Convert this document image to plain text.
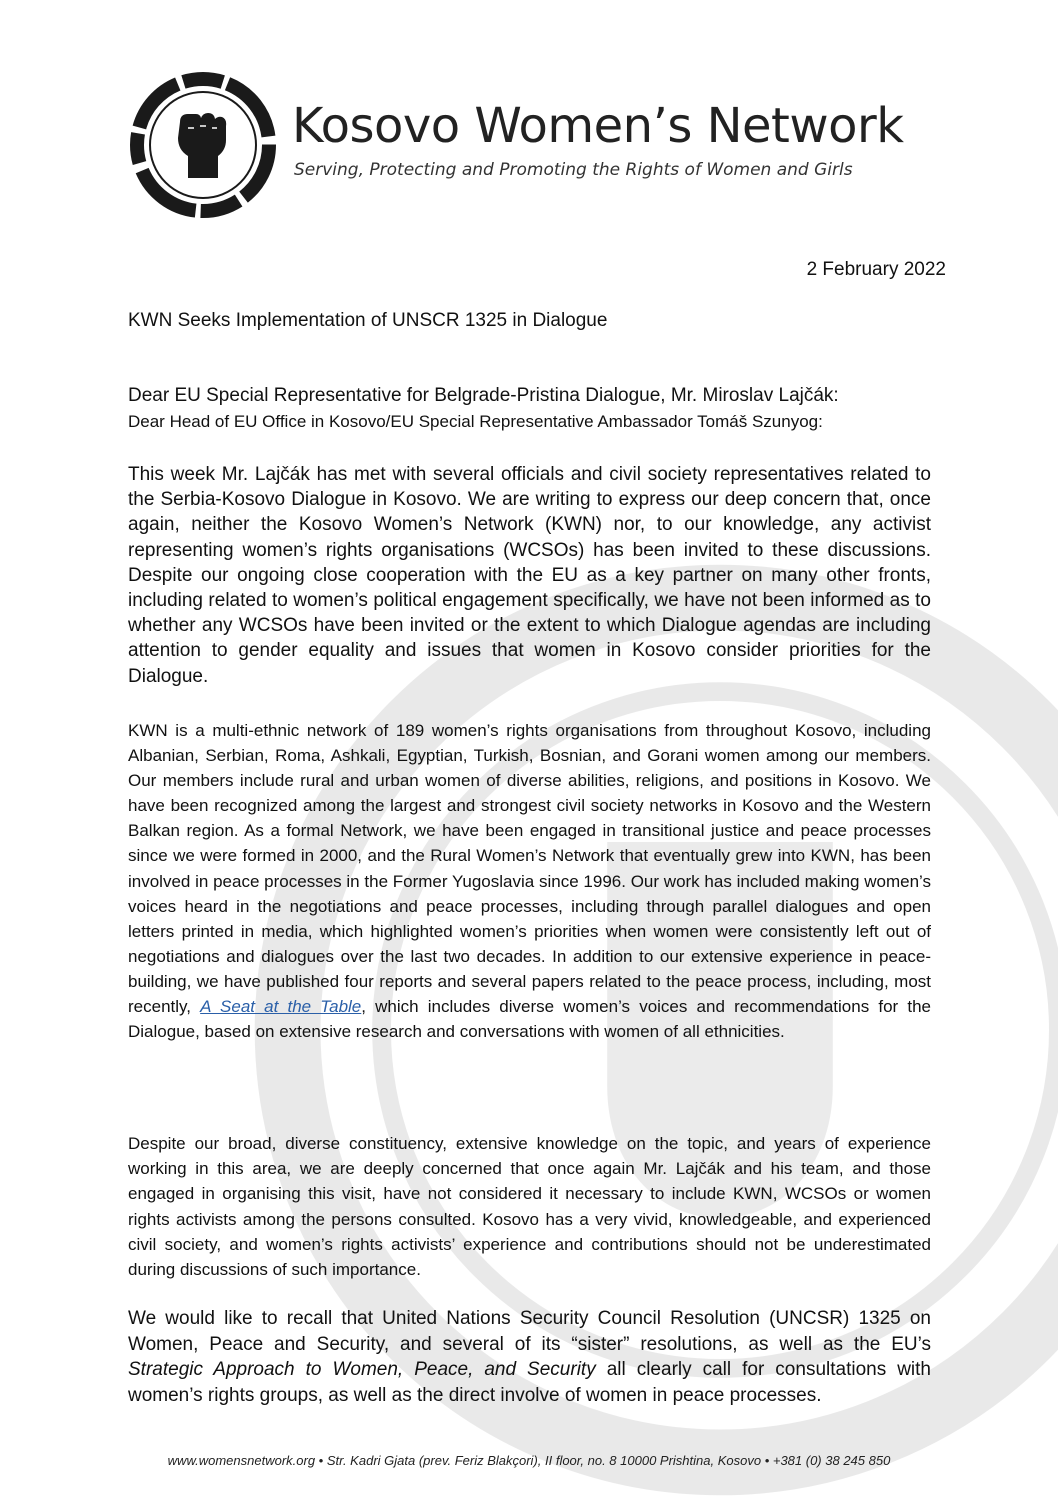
Kosovo Women’s Network

Serving, Protecting and Promoting the Rights of Women and Girls

2 February 2022
KWN Seeks Implementation of UNSCR 1325 in Dialogue
Dear EU Special Representative for Belgrade-Pristina Dialogue, Mr. Miroslav Lajčák:
Dear Head of EU Office in Kosovo/EU Special Representative Ambassador Tomáš Szunyog:

This week Mr. Lajčák has met with several officials and civil society representatives related to the Serbia-Kosovo Dialogue in Kosovo. We are writing to express our deep concern that, once again, neither the Kosovo Women’s Network (KWN) nor, to our knowledge, any activist representing women’s rights organisations (WCSOs) has been invited to these discussions. Despite our ongoing close cooperation with the EU as a key partner on many other fronts, including related to women’s political engagement specifically, we have not been informed as to whether any WCSOs have been invited or the extent to which Dialogue agendas are including attention to gender equality and issues that women in Kosovo consider priorities for the Dialogue.

KWN is a multi-ethnic network of 189 women’s rights organisations from throughout Kosovo, including Albanian, Serbian, Roma, Ashkali, Egyptian, Turkish, Bosnian, and Gorani women among our members. Our members include rural and urban women of diverse abilities, religions, and positions in Kosovo. We have been recognized among the largest and strongest civil society networks in Kosovo and the Western Balkan region. As a formal Network, we have been engaged in transitional justice and peace processes since we were formed in 2000, and the Rural Women’s Network that eventually grew into KWN, has been involved in peace processes in the Former Yugoslavia since 1996. Our work has included making women’s voices heard in the negotiations and peace processes, including through parallel dialogues and open letters printed in media, which highlighted women’s priorities when women were consistently left out of negotiations and dialogues over the last two decades. In addition to our extensive experience in peace-building, we have published four reports and several papers related to the peace process, including, most recently, A Seat at the Table, which includes diverse women’s voices and recommendations for the Dialogue, based on extensive research and conversations with women of all ethnicities.

Despite our broad, diverse constituency, extensive knowledge on the topic, and years of experience working in this area, we are deeply concerned that once again Mr. Lajčák and his team, and those engaged in organising this visit, have not considered it necessary to include KWN, WCSOs or women rights activists among the persons consulted. Kosovo has a very vivid, knowledgeable, and experienced civil society, and women’s rights activists’ experience and contributions should not be underestimated during discussions of such importance.

We would like to recall that United Nations Security Council Resolution (UNCSR) 1325 on Women, Peace and Security, and several of its “sister” resolutions, as well as the EU’s Strategic Approach to Women, Peace, and Security all clearly call for consultations with women’s rights groups, as well as the direct involve of women in peace processes.

www.womensnetwork.org • Str. Kadri Gjata (prev. Feriz Blakçori), II floor, no. 8 10000 Prishtina, Kosovo • +381 (0) 38 245 850
